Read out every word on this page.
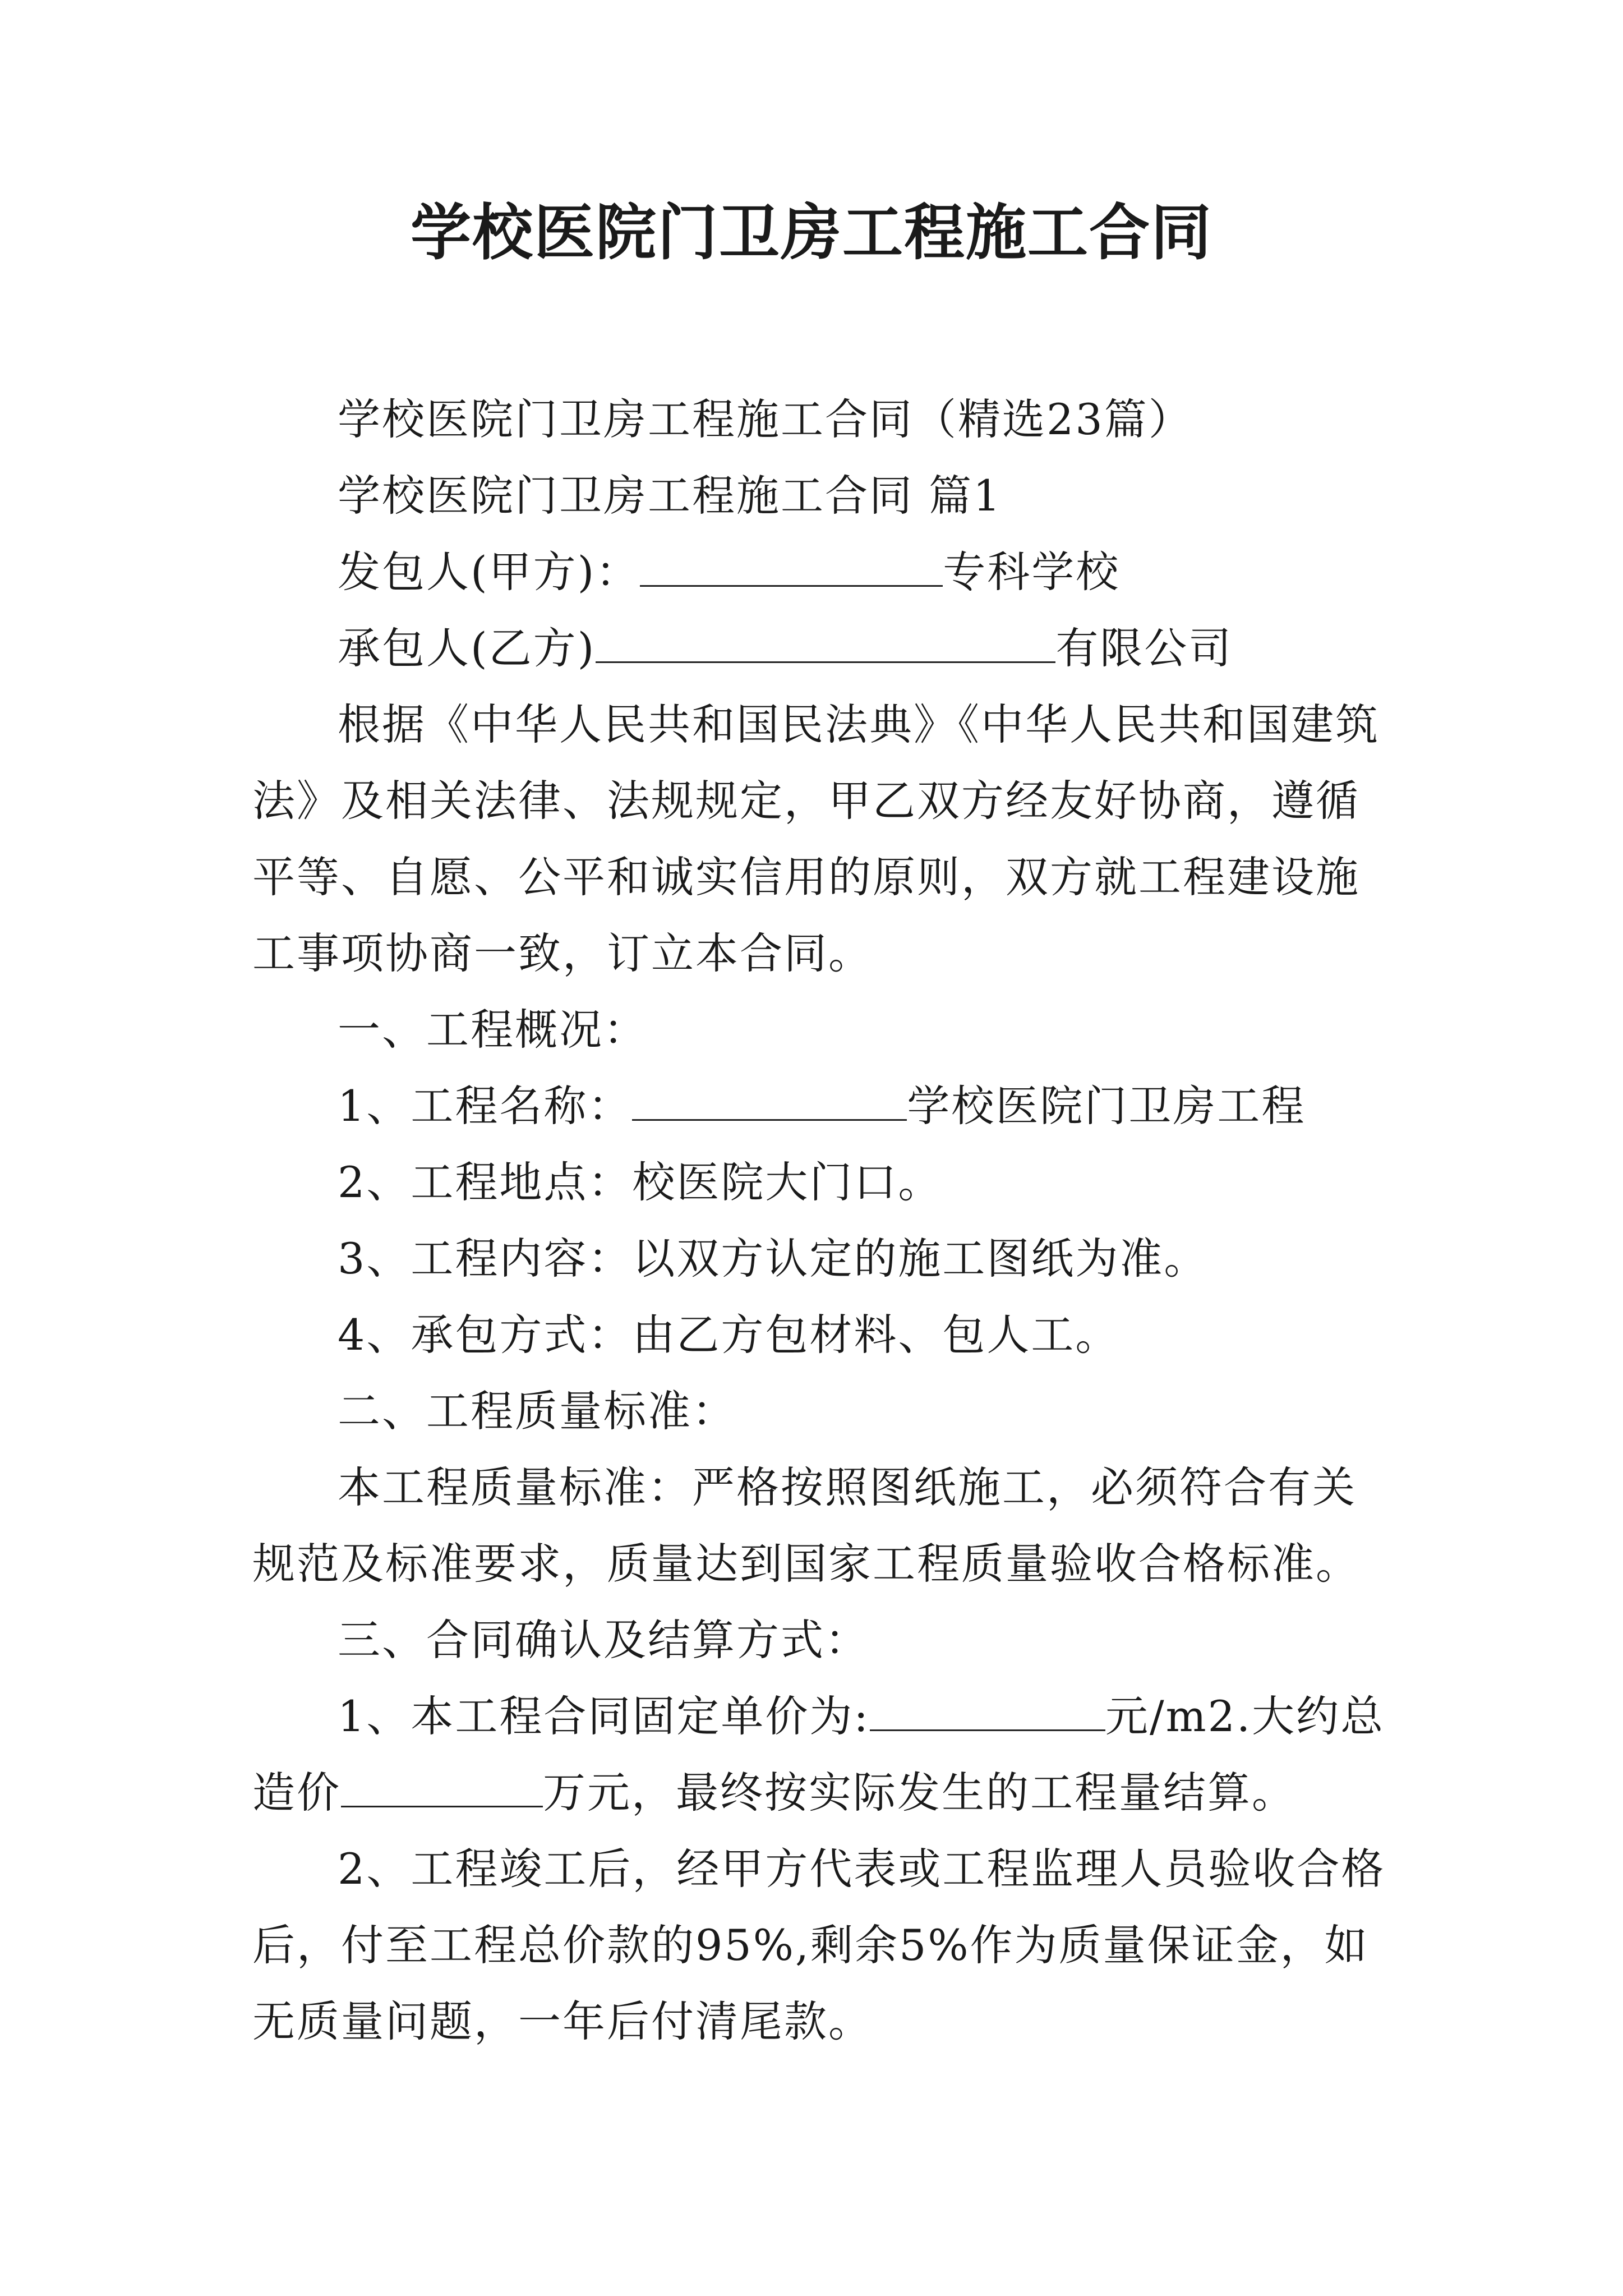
学校医院门卫房工程施工合同

学校医院门卫房工程施工合同（精选23篇）

学校医院门卫房工程施工合同 篇1

发包人(甲方)：	专科学校

承包人(乙方)	有限公司

根据《中华人民共和国民法典》《中华人民共和国建筑法》及相关法律、法规规定，甲乙双方经友好协商，遵循平等、自愿、公平和诚实信用的原则，双方就工程建设施工事项协商一致，订立本合同。

一、工程概况：

1、工程名称：	学校医院门卫房工程

2、工程地点：校医院大门口。

3、工程内容：以双方认定的施工图纸为准。

4、承包方式：由乙方包材料、包人工。

二、工程质量标准：

本工程质量标准：严格按照图纸施工，必须符合有关规范及标准要求，质量达到国家工程质量验收合格标准。

三、合同确认及结算方式：

1、本工程合同固定单价为:	元/m2.大约总造价	万元，最终按实际发生的工程量结算。

2、工程竣工后，经甲方代表或工程监理人员验收合格后，付至工程总价款的95%,剩余5%作为质量保证金，如无质量问题，一年后付清尾款。
